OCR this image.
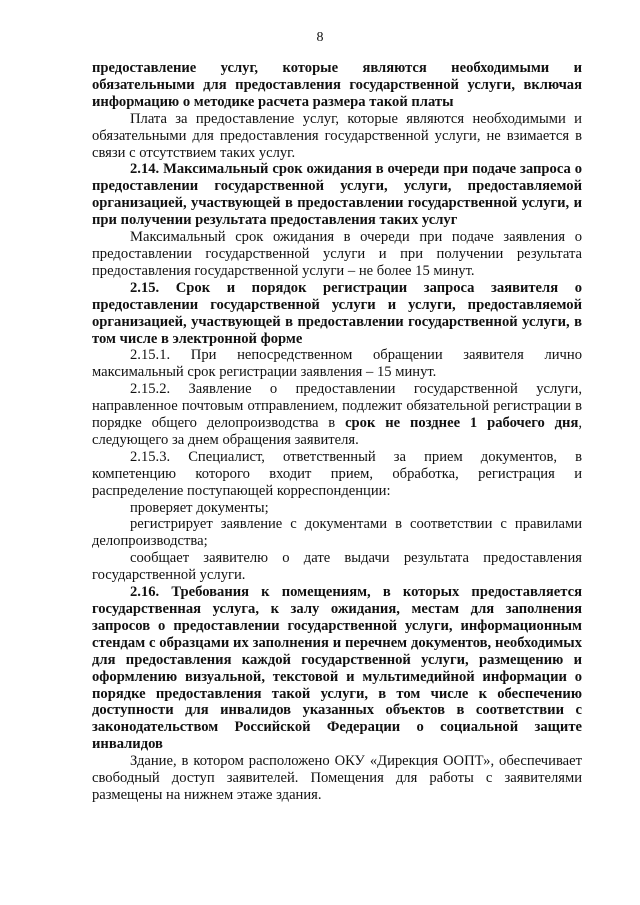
8

предоставление услуг, которые являются необходимыми и обязательными для предоставления государственной услуги, включая информацию о методике расчета размера такой платы

Плата за предоставление услуг, которые являются необходимыми и обязательными для предоставления государственной услуги, не взимается в связи с отсутствием таких услуг.

2.14. Максимальный срок ожидания в очереди при подаче запроса о предоставлении государственной услуги, услуги, предоставляемой организацией, участвующей в предоставлении государственной услуги, и при получении результата предоставления таких услуг

Максимальный срок ожидания в очереди при подаче заявления о предоставлении государственной услуги и при получении результата предоставления государственной услуги – не более 15 минут.

2.15. Срок и порядок регистрации запроса заявителя о предоставлении государственной услуги и услуги, предоставляемой организацией, участвующей в предоставлении государственной услуги, в том числе в электронной форме

2.15.1. При непосредственном обращении заявителя лично максимальный срок регистрации заявления – 15 минут.

2.15.2. Заявление о предоставлении государственной услуги, направленное почтовым отправлением, подлежит обязательной регистрации в порядке общего делопроизводства в срок не позднее 1 рабочего дня, следующего за днем обращения заявителя.

2.15.3. Специалист, ответственный за прием документов, в компетенцию которого входит прием, обработка, регистрация и распределение поступающей корреспонденции:

проверяет документы;

регистрирует заявление с документами в соответствии с правилами делопроизводства;

сообщает заявителю о дате выдачи результата предоставления государственной услуги.

2.16. Требования к помещениям, в которых предоставляется государственная услуга, к залу ожидания, местам для заполнения запросов о предоставлении государственной услуги, информационным стендам с образцами их заполнения и перечнем документов, необходимых для предоставления каждой государственной услуги, размещению и оформлению визуальной, текстовой и мультимедийной информации о порядке предоставления такой услуги, в том числе к обеспечению доступности для инвалидов указанных объектов в соответствии с законодательством Российской Федерации о социальной защите инвалидов

Здание, в котором расположено ОКУ «Дирекция ООПТ», обеспечивает свободный доступ заявителей. Помещения для работы с заявителями размещены на нижнем этаже здания.
